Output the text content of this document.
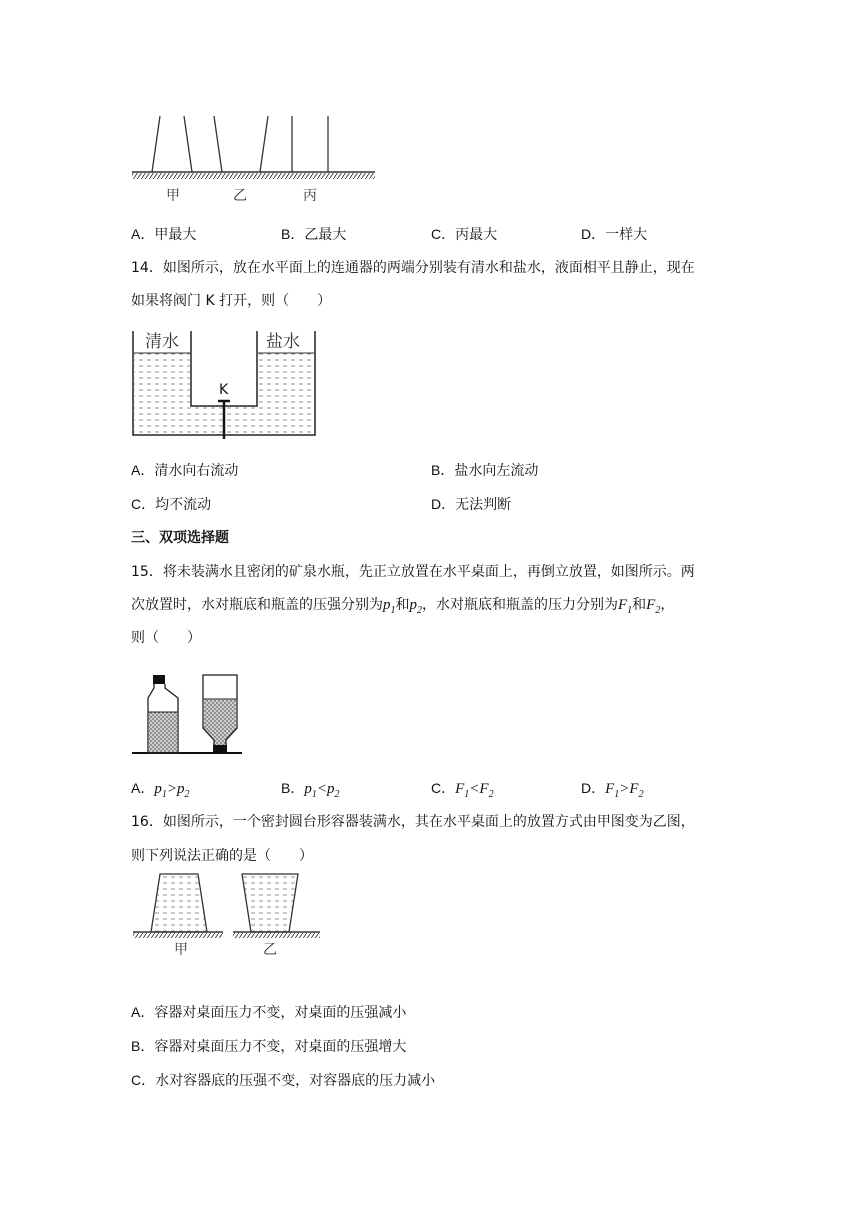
甲	乙	丙
A．甲最大	B．乙最大	C．丙最大	D．一样大
14．如图所示，放在水平面上的连通器的两端分别装有清水和盐水，液面相平且静止，现在
如果将阀门 K 打开，则（　　）
K
清水	盐水
A．清水向右流动	B．盐水向左流动
C．均不流动	D．无法判断
三、双项选择题
15．将未装满水且密闭的矿泉水瓶，先正立放置在水平桌面上，再倒立放置，如图所示。两
次放置时，水对瓶底和瓶盖的压强分别为$p_1$和$p_2$，水对瓶底和瓶盖的压力分别为$F_1$和$F_2$，
则（　　）
A．$p_1>p_2$	B．$p_1<p_2$	C．$F_1<F_2$	D．$F_1>F_2$
16．如图所示，一个密封圆台形容器装满水，其在水平桌面上的放置方式由甲图变为乙图，
则下列说法正确的是（　　）
甲	乙
A．容器对桌面压力不变，对桌面的压强减小
B．容器对桌面压力不变，对桌面的压强增大
C．水对容器底的压强不变，对容器底的压力减小
